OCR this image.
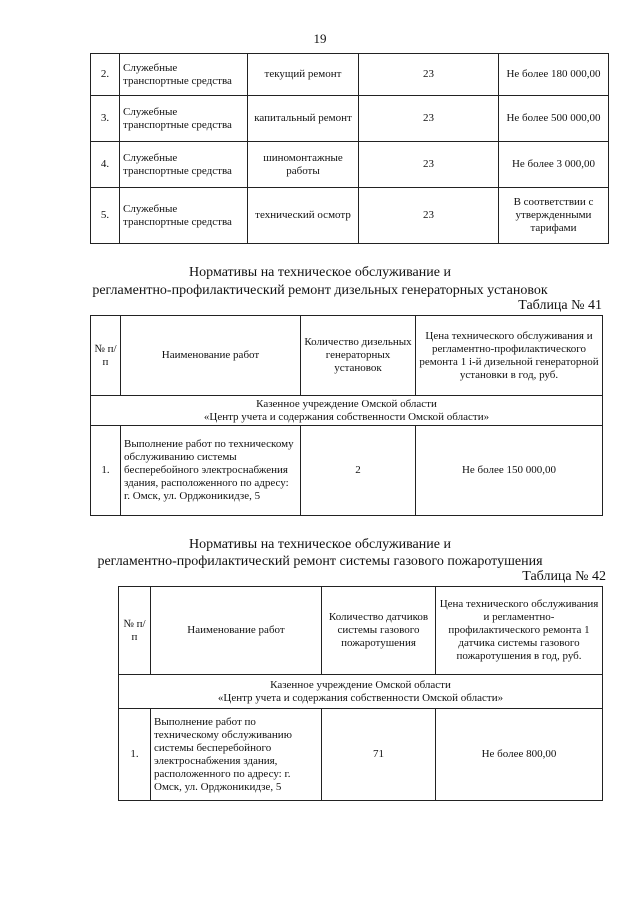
19
2.	Служебные транспортные средства	текущий ремонт	23	Не более 180 000,00
3.	Служебные транспортные средства	капитальный ремонт	23	Не более 500 000,00
4.	Служебные транспортные средства	шиномонтажные работы	23	Не более 3 000,00
5.	Служебные транспортные средства	технический осмотр	23	В соответствии с утвержденными тарифами
Нормативы на техническое обслуживание и
регламентно-профилактический ремонт дизельных генераторных установок
Таблица № 41
№ п/п	Наименование работ	Количество дизельных генераторных установок	Цена технического обслуживания и регламентно-профилактического ремонта 1 i-й дизельной генераторной установки в год, руб.

Казенное учреждение Омской области
«Центр учета и содержания собственности Омской области»			

1.	Выполнение работ по техническому обслуживанию системы бесперебойного электроснабжения здания, расположенного по адресу: г. Омск, ул. Орджоникидзе, 5	2	Не более 150 000,00
Нормативы на техническое обслуживание и
регламентно-профилактический ремонт системы газового пожаротушения
Таблица № 42
№ п/п	Наименование работ	Количество датчиков системы газового пожаротушения	Цена технического обслуживания и регламентно-профилактического ремонта 1 датчика системы газового пожаротушения в год, руб.

Казенное учреждение Омской области
«Центр учета и содержания собственности Омской области»			

1.	Выполнение работ по техническому обслуживанию системы бесперебойного электроснабжения здания, расположенного по адресу: г. Омск, ул. Орджоникидзе, 5	71	Не более 800,00
